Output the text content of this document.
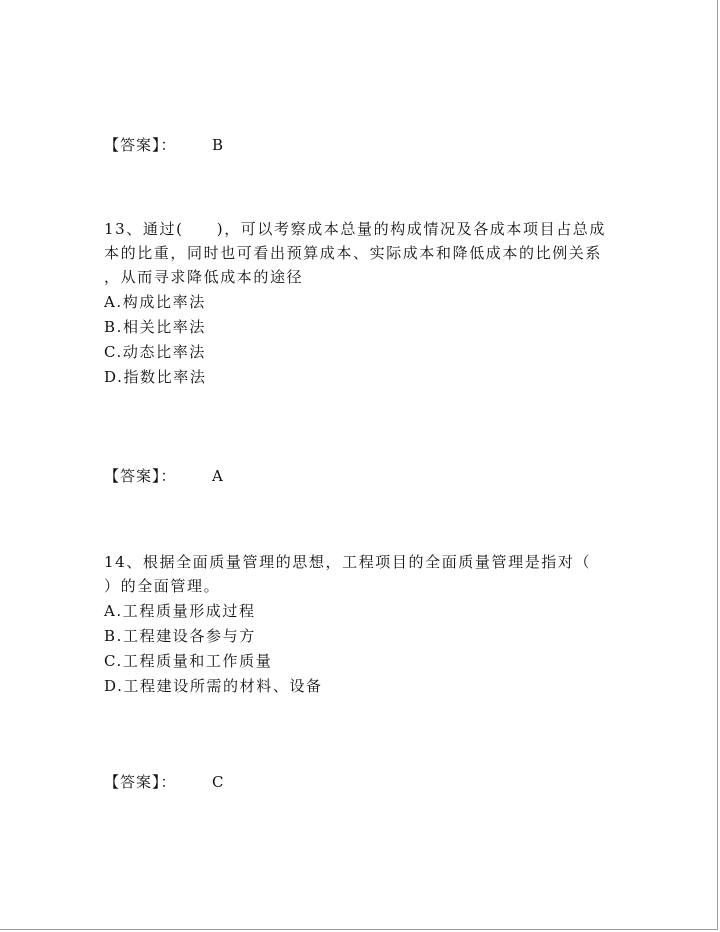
【答案】： B
13、通过(　　)，可以考察成本总量的构成情况及各成本项目占总成
本的比重，同时也可看出预算成本、实际成本和降低成本的比例关系
，从而寻求降低成本的途径
A.构成比率法
B.相关比率法
C.动态比率法
D.指数比率法
【答案】： A
14、根据全面质量管理的思想，工程项目的全面质量管理是指对（
）的全面管理。
A.工程质量形成过程
B.工程建设各参与方
C.工程质量和工作质量
D.工程建设所需的材料、设备
【答案】： C
